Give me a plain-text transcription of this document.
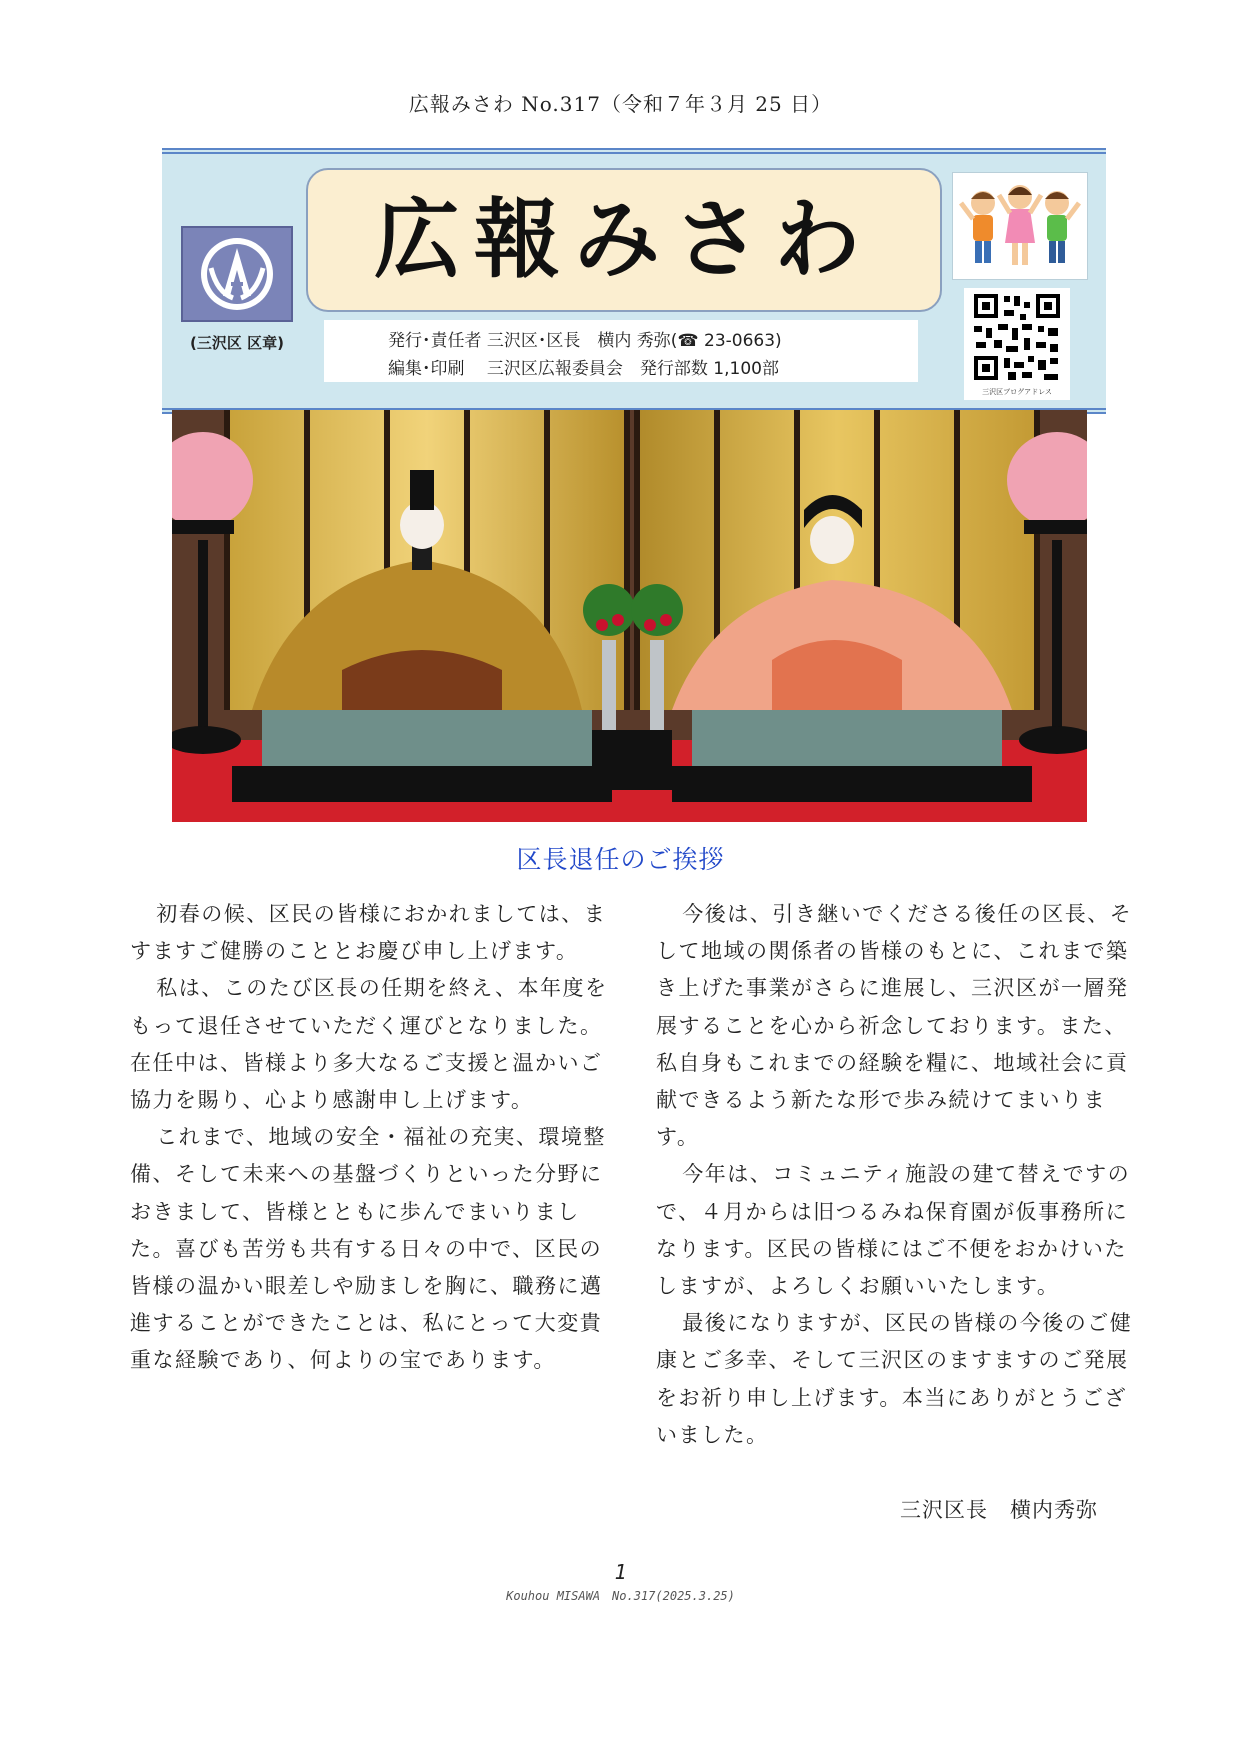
広報みさわ No.317（令和７年３月 25 日）
(三沢区 区章)
広報みさわ
発行･責任者 三沢区･区長　横内 秀弥(☎ 23-0663)
編集･印刷　 三沢区広報委員会　発行部数 1,100部
三沢区ブログアドレス
区長退任のご挨拶

初春の候、区民の皆様におかれましては、ますますご健勝のこととお慶び申し上げます。

私は、このたび区長の任期を終え、本年度をもって退任させていただく運びとなりました。在任中は、皆様より多大なるご支援と温かいご協力を賜り、心より感謝申し上げます。

これまで、地域の安全・福祉の充実、環境整備、そして未来への基盤づくりといった分野におきまして、皆様とともに歩んでまいりました。喜びも苦労も共有する日々の中で、区民の皆様の温かい眼差しや励ましを胸に、職務に邁進することができたことは、私にとって大変貴重な経験であり、何よりの宝であります。

今後は、引き継いでくださる後任の区長、そして地域の関係者の皆様のもとに、これまで築き上げた事業がさらに進展し、三沢区が一層発展することを心から祈念しております。また、私自身もこれまでの経験を糧に、地域社会に貢献できるよう新たな形で歩み続けてまいります。

今年は、コミュニティ施設の建て替えですので、４月からは旧つるみね保育園が仮事務所になります。区民の皆様にはご不便をおかけいたしますが、よろしくお願いいたします。

最後になりますが、区民の皆様の今後のご健康とご多幸、そして三沢区のますますのご発展をお祈り申し上げます。本当にありがとうございました。

三沢区長　横内秀弥
1
Kouhou MISAWA　No.317(2025.3.25)
